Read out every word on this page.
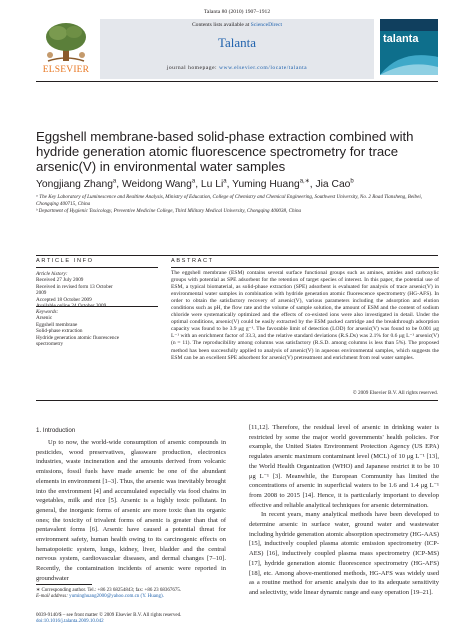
Talanta 80 (2010) 1907–1912
ELSEVIER
Contents lists available at ScienceDirect
Talanta
journal homepage: www.elsevier.com/locate/talanta
talanta
Eggshell membrane-based solid-phase extraction combined with hydride generation atomic fluorescence spectrometry for trace arsenic(V) in environmental water samples
Yongjiang Zhang$^a$, Weidong Wang$^a$, Lu Li$^a$, Yuming Huang$^{a,∗}$, Jia Cao$^b$
ᵃ The Key Laboratory of Luminescence and Realtime Analysis, Ministry of Education, College of Chemistry and Chemical Engineering, Southwest University, No. 2 Road Tiansheng, Beibei, Chongqing 400715, China
ᵇ Department of Hygienic Toxicology, Preventive Medicine College, Third Military Medical University, Chongqing 400038, China
ARTICLE INFO	ABSTRACT
Article history:
Received 27 July 2009
Received in revised form 13 October 2009
Accepted 18 October 2009
Available online 24 October 2009
Keywords:
Arsenic
Eggshell membrane
Solid-phase extraction
Hydride generation atomic fluorescence spectrometry
The eggshell membrane (ESM) contains several surface functional groups such as amines, amides and carboxylic groups with potential as SPE adsorbent for the retention of target species of interest. In this paper, the potential use of ESM, a typical biomaterial, as solid-phase extraction (SPE) adsorbent is evaluated for analysis of trace arsenic(V) in environmental water samples in combination with hydride generation atomic fluorescence spectrometry (HG-AFS). In order to obtain the satisfactory recovery of arsenic(V), various parameters including the adsorption and elution conditions such as pH, the flow rate and the volume of sample solution, the amount of ESM and the content of sodium chloride were systematically optimized and the effects of co-existed ions were also investigated in detail. Under the optimal conditions, arsenic(V) could be easily extracted by the ESM packed cartridge and the breakthrough adsorption capacity was found to be 3.9 μg g⁻¹. The favorable limit of detection (LOD) for arsenic(V) was found to be 0.001 μg L⁻¹ with an enrichment factor of 33.3, and the relative standard deviations (R.S.Ds) was 2.1% for 0.6 μg L⁻¹ arsenic(V) (n = 11). The reproducibility among columns was satisfactory (R.S.D. among columns is less than 5%). The proposed method has been successfully applied to analysis of arsenic(V) in aqueous environmental samples, which suggests the ESM can be an excellent SPE adsorbent for arsenic(V) pretreatment and enrichment from real water samples.
© 2009 Elsevier B.V. All rights reserved.
1. Introduction
Up to now, the world-wide consumption of arsenic compounds in pesticides, wood preservatives, glassware production, electronics industries, waste incineration and the amounts derived from volcanic emissions, fossil fuels have made arsenic be one of the abundant elements in environment [1–3]. Thus, the arsenic was inevitably brought into the environment [4] and accumulated especially via food chains in vegetables, milk and rice [5]. Arsenic is a highly toxic pollutant. In general, the inorganic forms of arsenic are more toxic than its organic ones; the toxicity of trivalent forms of arsenic is greater than that of pentavalent forms [6]. Arsenic have caused a potential threat for environment safety, human health owing to its carcinogenic effects on hematopoietic system, lungs, kidney, liver, bladder and the central nervous system, cardiovascular diseases, and dermal changes [7–10]. Recently, the contamination incidents of arsenic were reported in groundwater
[11,12]. Therefore, the residual level of arsenic in drinking water is restricted by some the major world governments' health policies. For example, the United States Environment Protection Agency (US EPA) regulates arsenic maximum contaminant level (MCL) of 10 μg L⁻¹ [13], the World Health Organization (WHO) and Japanese restrict it to be 10 μg L⁻¹ [3]. Meanwhile, the European Community has limited the concentrations of arsenic in superficial waters to be 1.6 and 1.4 μg L⁻¹ from 2008 to 2015 [14]. Hence, it is particularly important to develop effective and reliable analytical techniques for arsenic determination.
In recent years, many analytical methods have been developed to determine arsenic in surface water, ground water and wastewater including hydride generation atomic absorption spectrometry (HG-AAS) [15], inductively coupled plasma atomic emission spectrometry (ICP-AES) [16], inductively coupled plasma mass spectrometry (ICP-MS) [17], hydride generation atomic fluorescence spectrometry (HG-AFS) [18], etc. Among above-mentioned methods, HG-AFS was widely used as a routine method for arsenic analysis due to its adequate sensitivity and selectivity, wide linear dynamic range and easy operation [19–21].
∗ Corresponding author. Tel.: +86 23 68254843; fax: +86 23 68367675.
E-mail address: yuminghuang2000@yahoo.com.cn (Y. Huang).
0039-9140/$ – see front matter © 2009 Elsevier B.V. All rights reserved.
doi:10.1016/j.talanta.2009.10.042
